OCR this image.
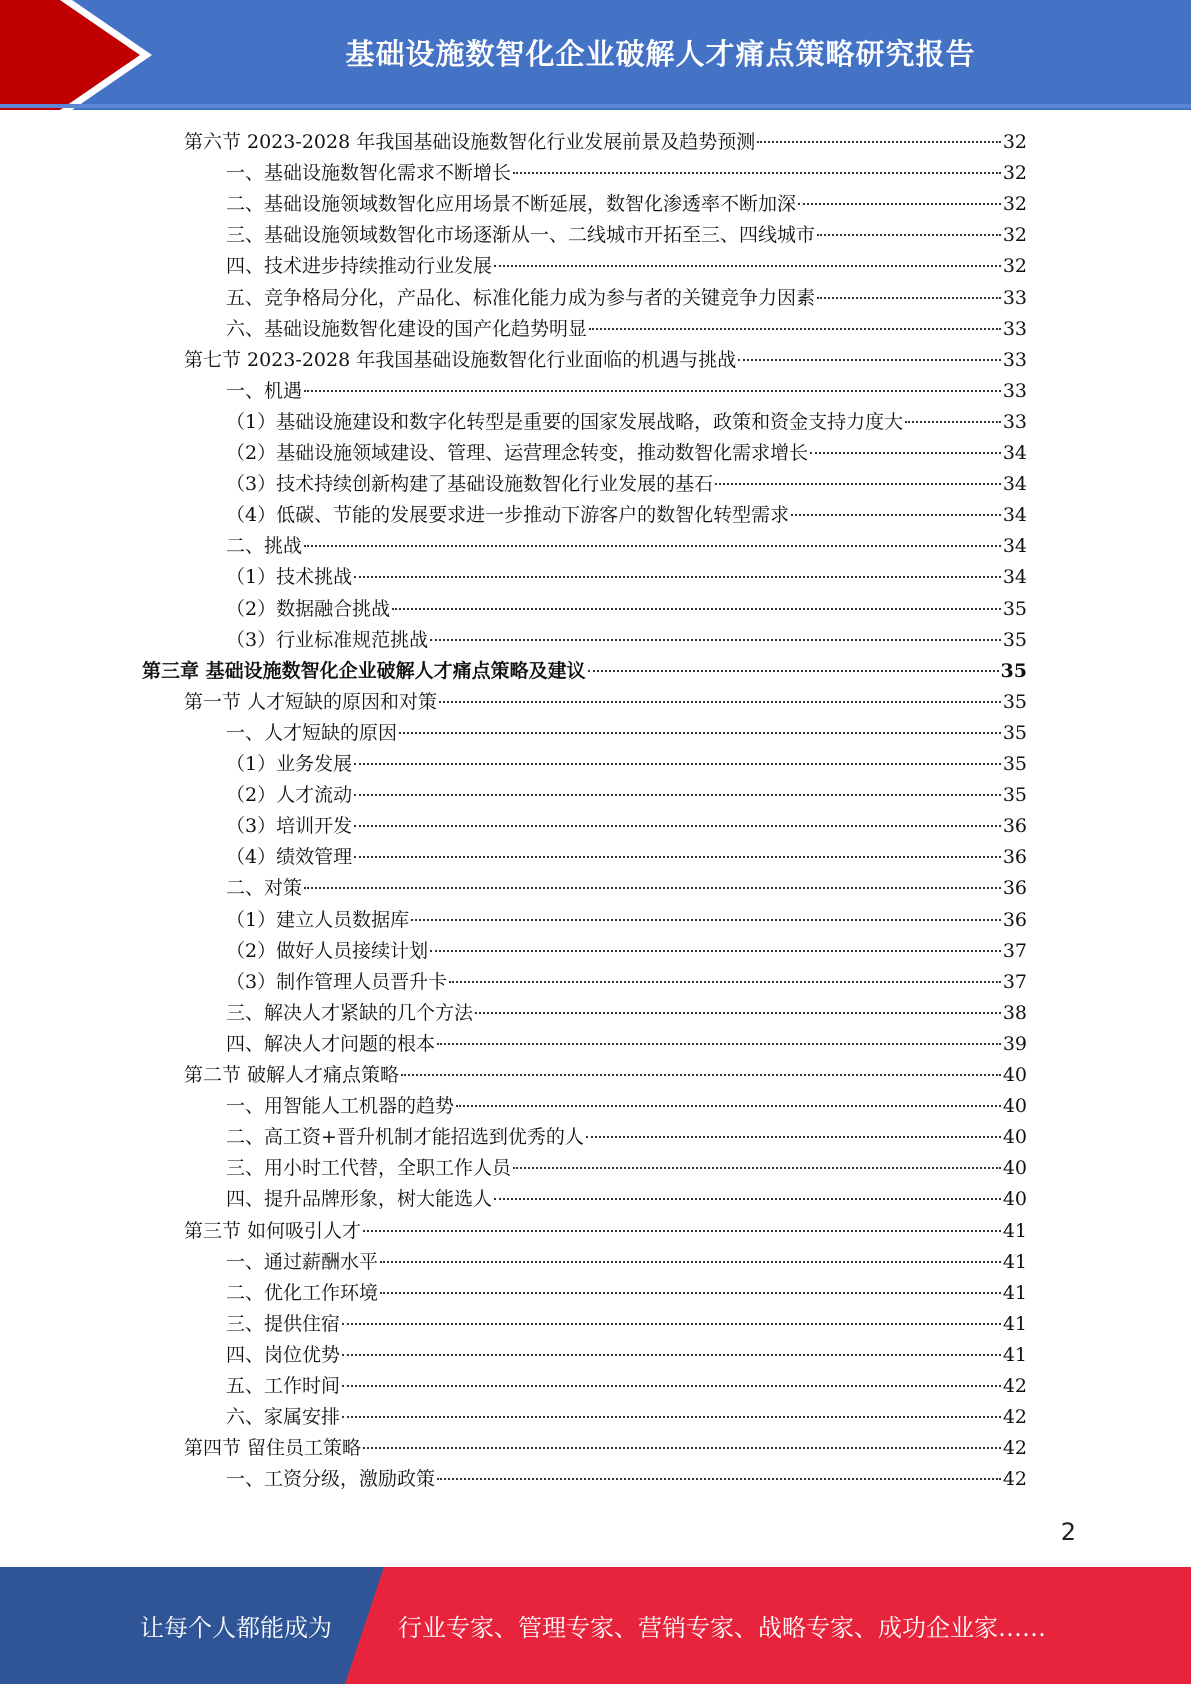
基础设施数智化企业破解人才痛点策略研究报告
第六节 2023-2028 年我国基础设施数智化行业发展前景及趋势预测	32
一、基础设施数智化需求不断增长	32
二、基础设施领域数智化应用场景不断延展，数智化渗透率不断加深	32
三、基础设施领域数智化市场逐渐从一、二线城市开拓至三、四线城市	32
四、技术进步持续推动行业发展	32
五、竞争格局分化，产品化、标准化能力成为参与者的关键竞争力因素	33
六、基础设施数智化建设的国产化趋势明显	33
第七节 2023-2028 年我国基础设施数智化行业面临的机遇与挑战	33
一、机遇	33
（1）基础设施建设和数字化转型是重要的国家发展战略，政策和资金支持力度大	33
（2）基础设施领域建设、管理、运营理念转变，推动数智化需求增长	34
（3）技术持续创新构建了基础设施数智化行业发展的基石	34
（4）低碳、节能的发展要求进一步推动下游客户的数智化转型需求	34
二、挑战	34
（1）技术挑战	34
（2）数据融合挑战	35
（3）行业标准规范挑战	35
第三章 基础设施数智化企业破解人才痛点策略及建议	35
第一节 人才短缺的原因和对策	35
一、人才短缺的原因	35
（1）业务发展	35
（2）人才流动	35
（3）培训开发	36
（4）绩效管理	36
二、对策	36
（1）建立人员数据库	36
（2）做好人员接续计划	37
（3）制作管理人员晋升卡	37
三、解决人才紧缺的几个方法	38
四、解决人才问题的根本	39
第二节 破解人才痛点策略	40
一、用智能人工机器的趋势	40
二、高工资+晋升机制才能招选到优秀的人	40
三、用小时工代替，全职工作人员	40
四、提升品牌形象，树大能选人	40
第三节 如何吸引人才	41
一、通过薪酬水平	41
二、优化工作环境	41
三、提供住宿	41
四、岗位优势	41
五、工作时间	42
六、家属安排	42
第四节 留住员工策略	42
一、工资分级，激励政策	42
2
让每个人都能成为	行业专家、管理专家、营销专家、战略专家、成功企业家……
